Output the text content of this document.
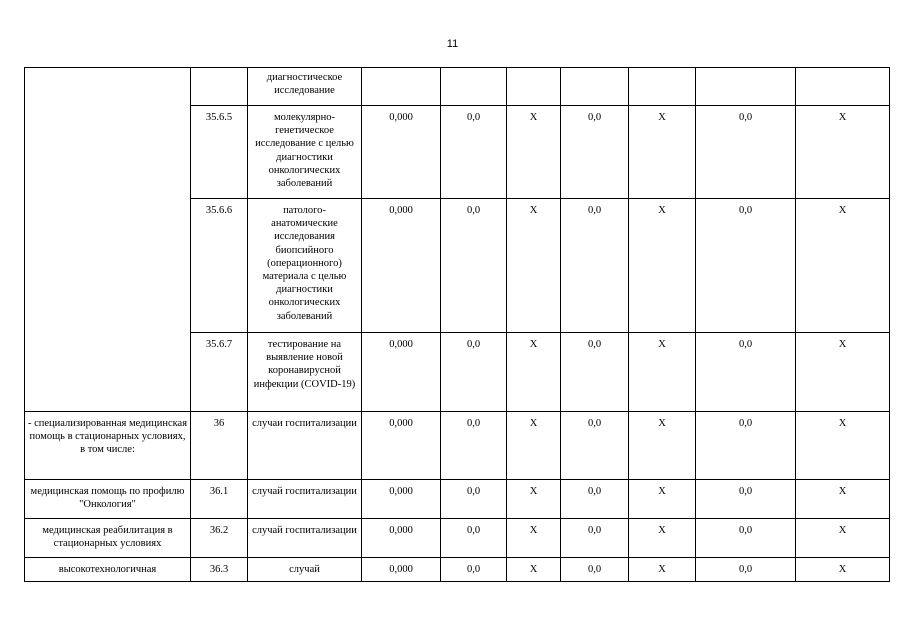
11
		диагностическое исследование							
	35.6.5	молекулярно-генетическое исследование с целью диагностики онкологических заболеваний	0,000	0,0	X	0,0	X	0,0	X
	35.6.6	патолого-анатомические исследования биопсийного (операционного) материала с целью диагностики онкологических заболеваний	0,000	0,0	X	0,0	X	0,0	X
	35.6.7	тестирование на выявление новой коронавирусной инфекции (COVID-19)	0,000	0,0	X	0,0	X	0,0	X
- специализированная медицинская помощь в стационарных условиях, в том числе:	36	случаи госпитализации	0,000	0,0	X	0,0	X	0,0	X
медицинская помощь по профилю "Онкология"	36.1	случай госпитализации	0,000	0,0	X	0,0	X	0,0	X
медицинская реабилитация в стационарных условиях	36.2	случай госпитализации	0,000	0,0	X	0,0	X	0,0	X
высокотехнологичная	36.3	случай	0,000	0,0	X	0,0	X	0,0	X
